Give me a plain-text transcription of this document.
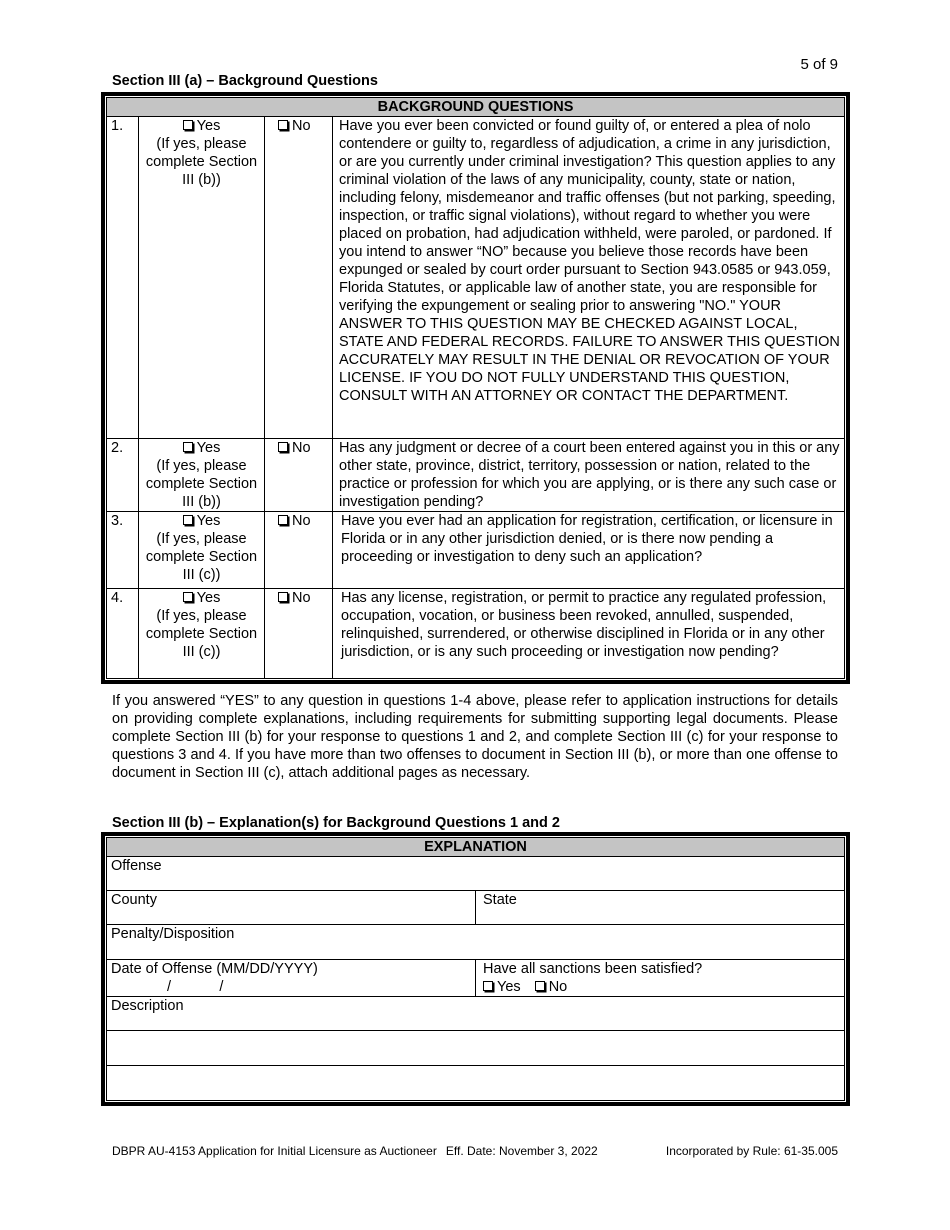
5 of 9
Section III (a) – Background Questions
BACKGROUND QUESTIONS			
1.	Yes
(If yes, please complete Section III (b))	No	Have you ever been convicted or found guilty of, or entered a plea of nolo contendere or guilty to, regardless of adjudication, a crime in any jurisdiction, or are you currently under criminal investigation? This question applies to any criminal violation of the laws of any municipality, county, state or nation, including felony, misdemeanor and traffic offenses (but not parking, speeding, inspection, or traffic signal violations), without regard to whether you were placed on probation, had adjudication withheld, were paroled, or pardoned. If you intend to answer “NO” because you believe those records have been expunged or sealed by court order pursuant to Section 943.0585 or 943.059, Florida Statutes, or applicable law of another state, you are responsible for verifying the expungement or sealing prior to answering "NO." YOUR ANSWER TO THIS QUESTION MAY BE CHECKED AGAINST LOCAL, STATE AND FEDERAL RECORDS. FAILURE TO ANSWER THIS QUESTION ACCURATELY MAY RESULT IN THE DENIAL OR REVOCATION OF YOUR LICENSE. IF YOU DO NOT FULLY UNDERSTAND THIS QUESTION, CONSULT WITH AN ATTORNEY OR CONTACT THE DEPARTMENT.
2.	Yes
(If yes, please complete Section III (b))	No	Has any judgment or decree of a court been entered against you in this or any other state, province, district, territory, possession or nation, related to the practice or profession for which you are applying, or is there any such case or investigation pending?
3.	Yes
(If yes, please complete Section III (c))	No	Have you ever had an application for registration, certification, or licensure in Florida or in any other jurisdiction denied, or is there now pending a proceeding or investigation to deny such an application?
4.	Yes
(If yes, please complete Section III (c))	No	Has any license, registration, or permit to practice any regulated profession, occupation, vocation, or business been revoked, annulled, suspended, relinquished, surrendered, or otherwise disciplined in Florida or in any other jurisdiction, or is any such proceeding or investigation now pending?
If you answered “YES” to any question in questions 1-4 above, please refer to application instructions for details on providing complete explanations, including requirements for submitting supporting legal documents. Please complete Section III (b) for your response to questions 1 and 2, and complete Section III (c) for your response to questions 3 and 4. If you have more than two offenses to document in Section III (b), or more than one offense to document in Section III (c), attach additional pages as necessary.
Section III (b) – Explanation(s) for Background Questions 1 and 2
EXPLANATION	
Offense	
County	State
Penalty/Disposition	
Date of Offense (MM/DD/YYYY)
/            /	Have all sanctions been satisfied?
Yes No
Description	

DBPR AU-4153 Application for Initial Licensure as Auctioneer Eff. Date: November 3, 2022	Incorporated by Rule: 61-35.005
